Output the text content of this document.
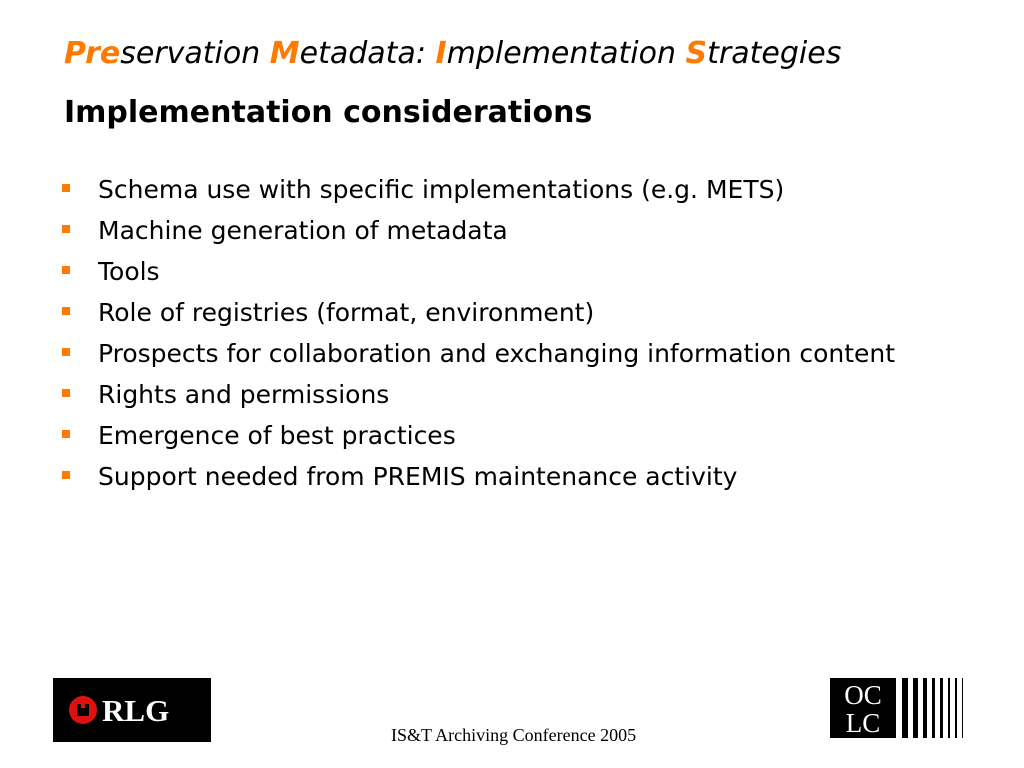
Preservation Metadata: Implementation Strategies
Implementation considerations
Schema use with specific implementations (e.g. METS)
Machine generation of metadata
Tools
Role of registries (format, environment)
Prospects for collaboration and exchanging information content
Rights and permissions
Emergence of best practices
Support needed from PREMIS maintenance activity
RLG
IS&T Archiving Conference 2005
OC
LC
